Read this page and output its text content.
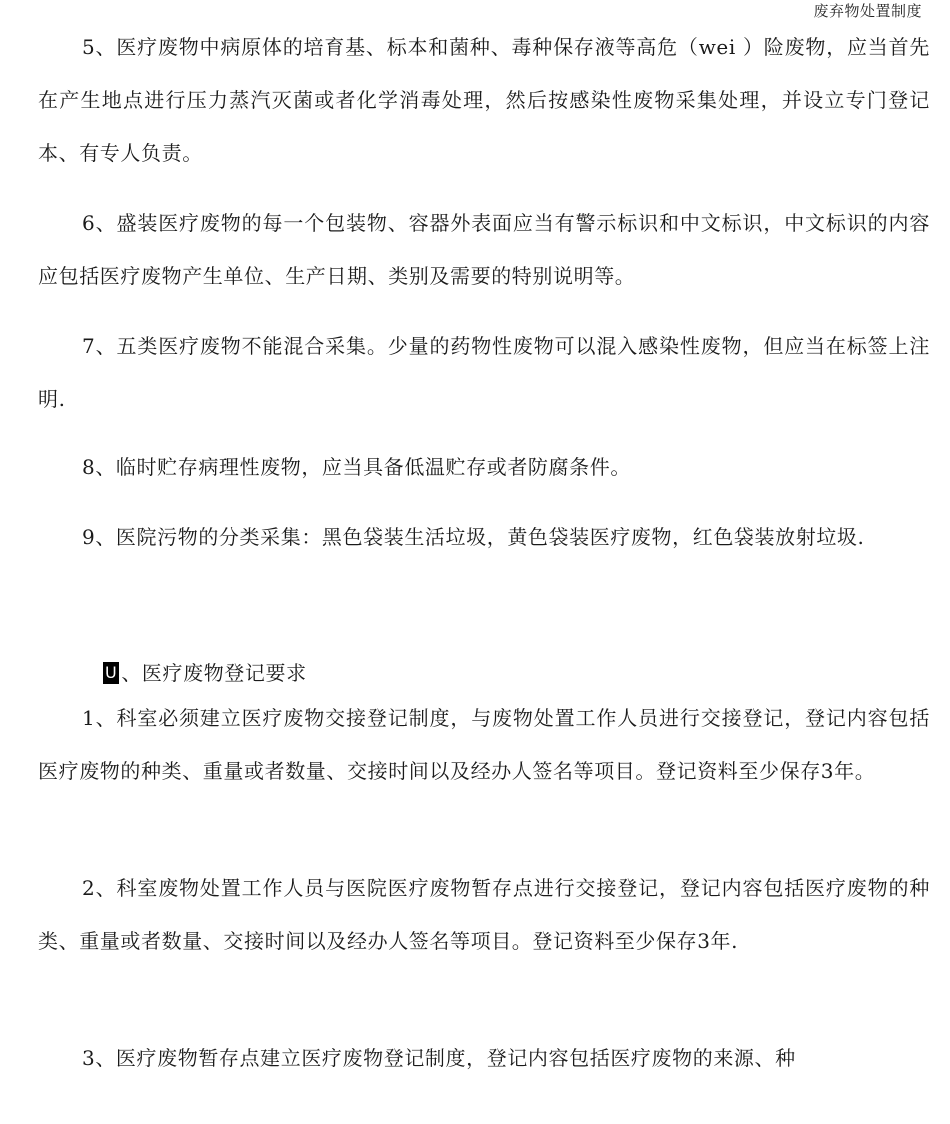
废弃物处置制度

5、医疗废物中病原体的培育基、标本和菌种、毒种保存液等高危（wei ）险废物，应当首先在产生地点进行压力蒸汽灭菌或者化学消毒处理，然后按感染性废物采集处理，并设立专门登记本、有专人负责。

6、盛装医疗废物的每一个包装物、容器外表面应当有警示标识和中文标识，中文标识的内容应包括医疗废物产生单位、生产日期、类别及需要的特别说明等。

7、五类医疗废物不能混合采集。少量的药物性废物可以混入感染性废物，但应当在标签上注明.

8、临时贮存病理性废物，应当具备低温贮存或者防腐条件。

9、医院污物的分类采集：黑色袋装生活垃圾，黄色袋装医疗废物，红色袋装放射垃圾.

U 、医疗废物登记要求

1、科室必须建立医疗废物交接登记制度，与废物处置工作人员进行交接登记，登记内容包括医疗废物的种类、重量或者数量、交接时间以及经办人签名等项目。登记资料至少保存3年。

2、科室废物处置工作人员与医院医疗废物暂存点进行交接登记，登记内容包括医疗废物的种类、重量或者数量、交接时间以及经办人签名等项目。登记资料至少保存3年.

3、医疗废物暂存点建立医疗废物登记制度，登记内容包括医疗废物的来源、种
